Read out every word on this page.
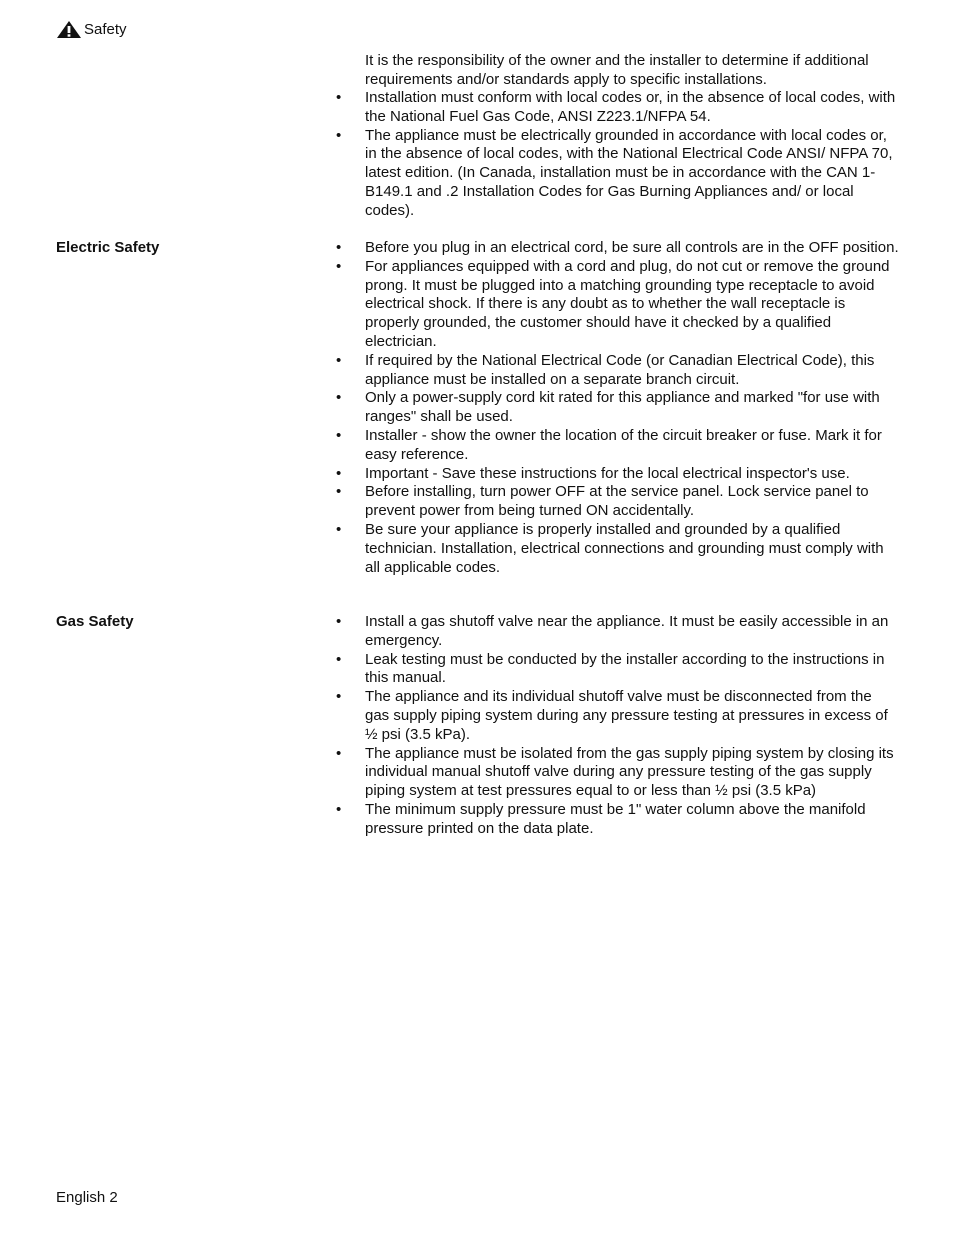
Safety
It is the responsibility of the owner and the installer to determine if additional requirements and/or standards apply to specific installations.
•	Installation must conform with local codes or, in the absence of local codes, with the National Fuel Gas Code, ANSI Z223.1/NFPA 54.
•	The appliance must be electrically grounded in accordance with local codes or, in the absence of local codes, with the National Electrical Code ANSI/ NFPA 70, latest edition. (In Canada, installation must be in accordance with the CAN 1-B149.1 and .2 Installation Codes for Gas Burning Appliances and/ or local codes).
Electric Safety	•	Before you plug in an electrical cord, be sure all controls are in the OFF position.
•	For appliances equipped with a cord and plug, do not cut or remove the ground prong. It must be plugged into a matching grounding type receptacle to avoid electrical shock. If there is any doubt as to whether the wall receptacle is properly grounded, the customer should have it checked by a qualified electrician.
•	If required by the National Electrical Code (or Canadian Electrical Code), this appliance must be installed on a separate branch circuit.
•	Only a power-supply cord kit rated for this appliance and marked "for use with ranges" shall be used.
•	Installer - show the owner the location of the circuit breaker or fuse. Mark it for easy reference.
•	Important - Save these instructions for the local electrical inspector's use.
•	Before installing, turn power OFF at the service panel. Lock service panel to prevent power from being turned ON accidentally.
•	Be sure your appliance is properly installed and grounded by a qualified technician. Installation, electrical connections and grounding must comply with all applicable codes.
Gas Safety	•	Install a gas shutoff valve near the appliance. It must be easily accessible in an emergency.
•	Leak testing must be conducted by the installer according to the instructions in this manual.
•	The appliance and its individual shutoff valve must be disconnected from the gas supply piping system during any pressure testing at pressures in excess of ½ psi (3.5 kPa).
•	The appliance must be isolated from the gas supply piping system by closing its individual manual shutoff valve during any pressure testing of the gas supply piping system at test pressures equal to or less than ½ psi (3.5 kPa)
•	The minimum supply pressure must be 1" water column above the manifold pressure printed on the data plate.
English 2
